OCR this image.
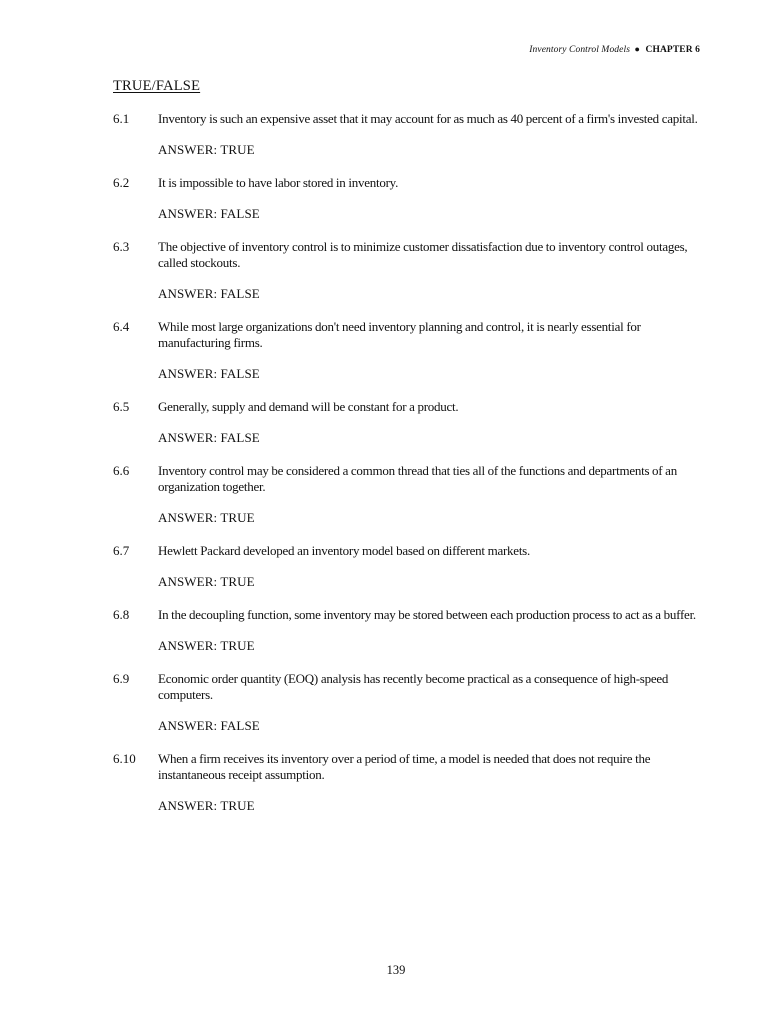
Inventory Control Models ● CHAPTER 6
TRUE/FALSE
6.1 Inventory is such an expensive asset that it may account for as much as 40 percent of a firm's invested capital.
ANSWER: TRUE
6.2 It is impossible to have labor stored in inventory.
ANSWER: FALSE
6.3 The objective of inventory control is to minimize customer dissatisfaction due to inventory control outages, called stockouts.
ANSWER: FALSE
6.4 While most large organizations don't need inventory planning and control, it is nearly essential for manufacturing firms.
ANSWER: FALSE
6.5 Generally, supply and demand will be constant for a product.
ANSWER: FALSE
6.6 Inventory control may be considered a common thread that ties all of the functions and departments of an organization together.
ANSWER: TRUE
6.7 Hewlett Packard developed an inventory model based on different markets.
ANSWER: TRUE
6.8 In the decoupling function, some inventory may be stored between each production process to act as a buffer.
ANSWER: TRUE
6.9 Economic order quantity (EOQ) analysis has recently become practical as a consequence of high-speed computers.
ANSWER: FALSE
6.10 When a firm receives its inventory over a period of time, a model is needed that does not require the instantaneous receipt assumption.
ANSWER: TRUE
139
